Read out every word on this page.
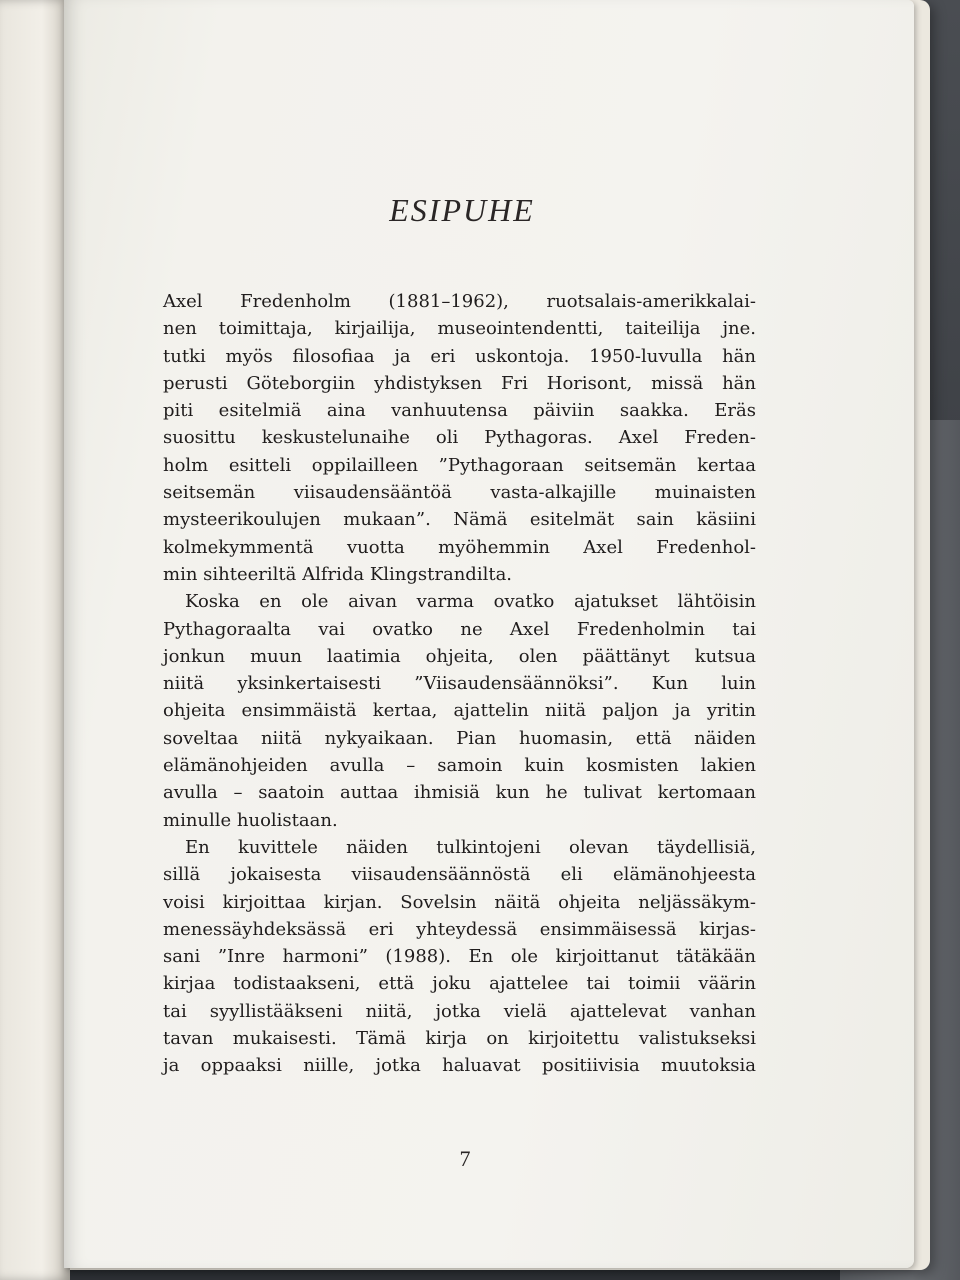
ESIPUHE

Axel Fredenholm (1881–1962), ruotsalais-amerikkalai-
nen toimittaja, kirjailija, museointendentti, taiteilija jne.
tutki myös filosofiaa ja eri uskontoja. 1950-luvulla hän
perusti Göteborgiin yhdistyksen Fri Horisont, missä hän
piti esitelmiä aina vanhuutensa päiviin saakka. Eräs
suosittu keskustelunaihe oli Pythagoras. Axel Freden-
holm esitteli oppilailleen ”Pythagoraan seitsemän kertaa
seitsemän viisaudensääntöä vasta-alkajille muinaisten
mysteerikoulujen mukaan”. Nämä esitelmät sain käsiini
kolmekymmentä vuotta myöhemmin Axel Fredenhol-
min sihteeriltä Alfrida Klingstrandilta.

Koska en ole aivan varma ovatko ajatukset lähtöisin
Pythagoraalta vai ovatko ne Axel Fredenholmin tai
jonkun muun laatimia ohjeita, olen päättänyt kutsua
niitä yksinkertaisesti ”Viisaudensäännöksi”. Kun luin
ohjeita ensimmäistä kertaa, ajattelin niitä paljon ja yritin
soveltaa niitä nykyaikaan. Pian huomasin, että näiden
elämänohjeiden avulla – samoin kuin kosmisten lakien
avulla – saatoin auttaa ihmisiä kun he tulivat kertomaan
minulle huolistaan.

En kuvittele näiden tulkintojeni olevan täydellisiä,
sillä jokaisesta viisaudensäännöstä eli elämänohjeesta
voisi kirjoittaa kirjan. Sovelsin näitä ohjeita neljässäkym-
menessäyhdeksässä eri yhteydessä ensimmäisessä kirjas-
sani ”Inre harmoni” (1988). En ole kirjoittanut tätäkään
kirjaa todistaakseni, että joku ajattelee tai toimii väärin
tai syyllistääkseni niitä, jotka vielä ajattelevat vanhan
tavan mukaisesti. Tämä kirja on kirjoitettu valistukseksi
ja oppaaksi niille, jotka haluavat positiivisia muutoksia

7
